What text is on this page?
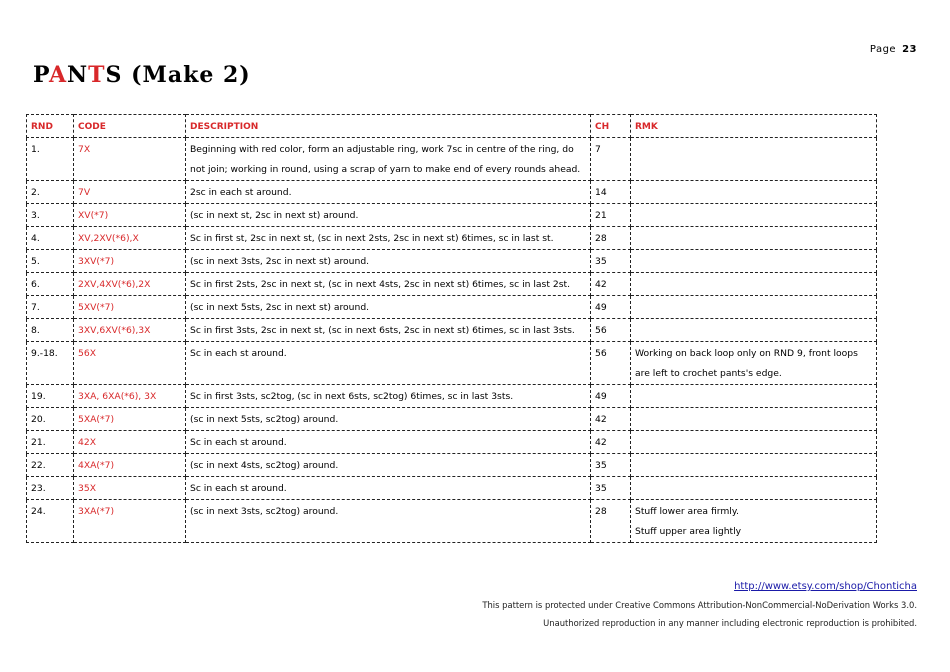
Page 23
PANTS (Make 2)
RND	CODE	DESCRIPTION	CH	RMK
1.	7X	Beginning with red color, form an adjustable ring, work 7sc in centre of the ring, do not join; working in round, using a scrap of yarn to make end of every rounds ahead.	7	
2.	7V	2sc in each st around.	14	
3.	XV(*7)	(sc in next st, 2sc in next st) around.	21	
4.	XV,2XV(*6),X	Sc in first st, 2sc in next st, (sc in next 2sts, 2sc in next st) 6times, sc in last st.	28	
5.	3XV(*7)	(sc in next 3sts, 2sc in next st) around.	35	
6.	2XV,4XV(*6),2X	Sc in first 2sts, 2sc in next st, (sc in next 4sts, 2sc in next st) 6times, sc in last 2st.	42	
7.	5XV(*7)	(sc in next 5sts, 2sc in next st) around.	49	
8.	3XV,6XV(*6),3X	Sc in first 3sts, 2sc in next st, (sc in next 6sts, 2sc in next st) 6times, sc in last 3sts.	56	
9.-18.	56X	Sc in each st around.	56	Working on back loop only on RND 9, front loops are left to crochet pants's edge.
19.	3XA, 6XA(*6), 3X	Sc in first 3sts, sc2tog, (sc in next 6sts, sc2tog) 6times, sc in last 3sts.	49	
20.	5XA(*7)	(sc in next 5sts, sc2tog) around.	42	
21.	42X	Sc in each st around.	42	
22.	4XA(*7)	(sc in next 4sts, sc2tog) around.	35	
23.	35X	Sc in each st around.	35	
24.	3XA(*7)	(sc in next 3sts, sc2tog) around.	28	Stuff lower area firmly.
Stuff upper area lightly
http://www.etsy.com/shop/Chonticha
This pattern is protected under Creative Commons Attribution-NonCommercial-NoDerivation Works 3.0.
Unauthorized reproduction in any manner including electronic reproduction is prohibited.
